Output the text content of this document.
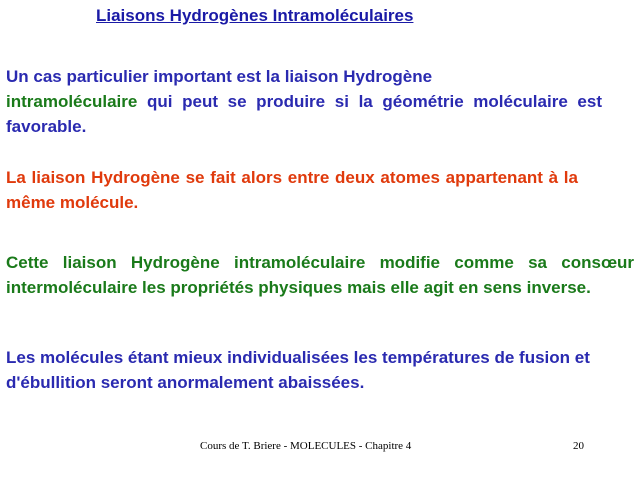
Liaisons Hydrogènes Intramoléculaires
Un cas particulier important est la liaison Hydrogène
intramoléculaire qui peut se produire si la géométrie moléculaire est favorable.
La liaison Hydrogène se fait alors entre deux atomes appartenant à la même molécule.
Cette liaison Hydrogène intramoléculaire modifie comme sa consœur intermoléculaire les propriétés physiques mais elle agit en sens inverse.
Les molécules étant mieux individualisées les températures de fusion et d'ébullition seront anormalement abaissées.
Cours de T. Briere - MOLECULES - Chapitre 4	20
